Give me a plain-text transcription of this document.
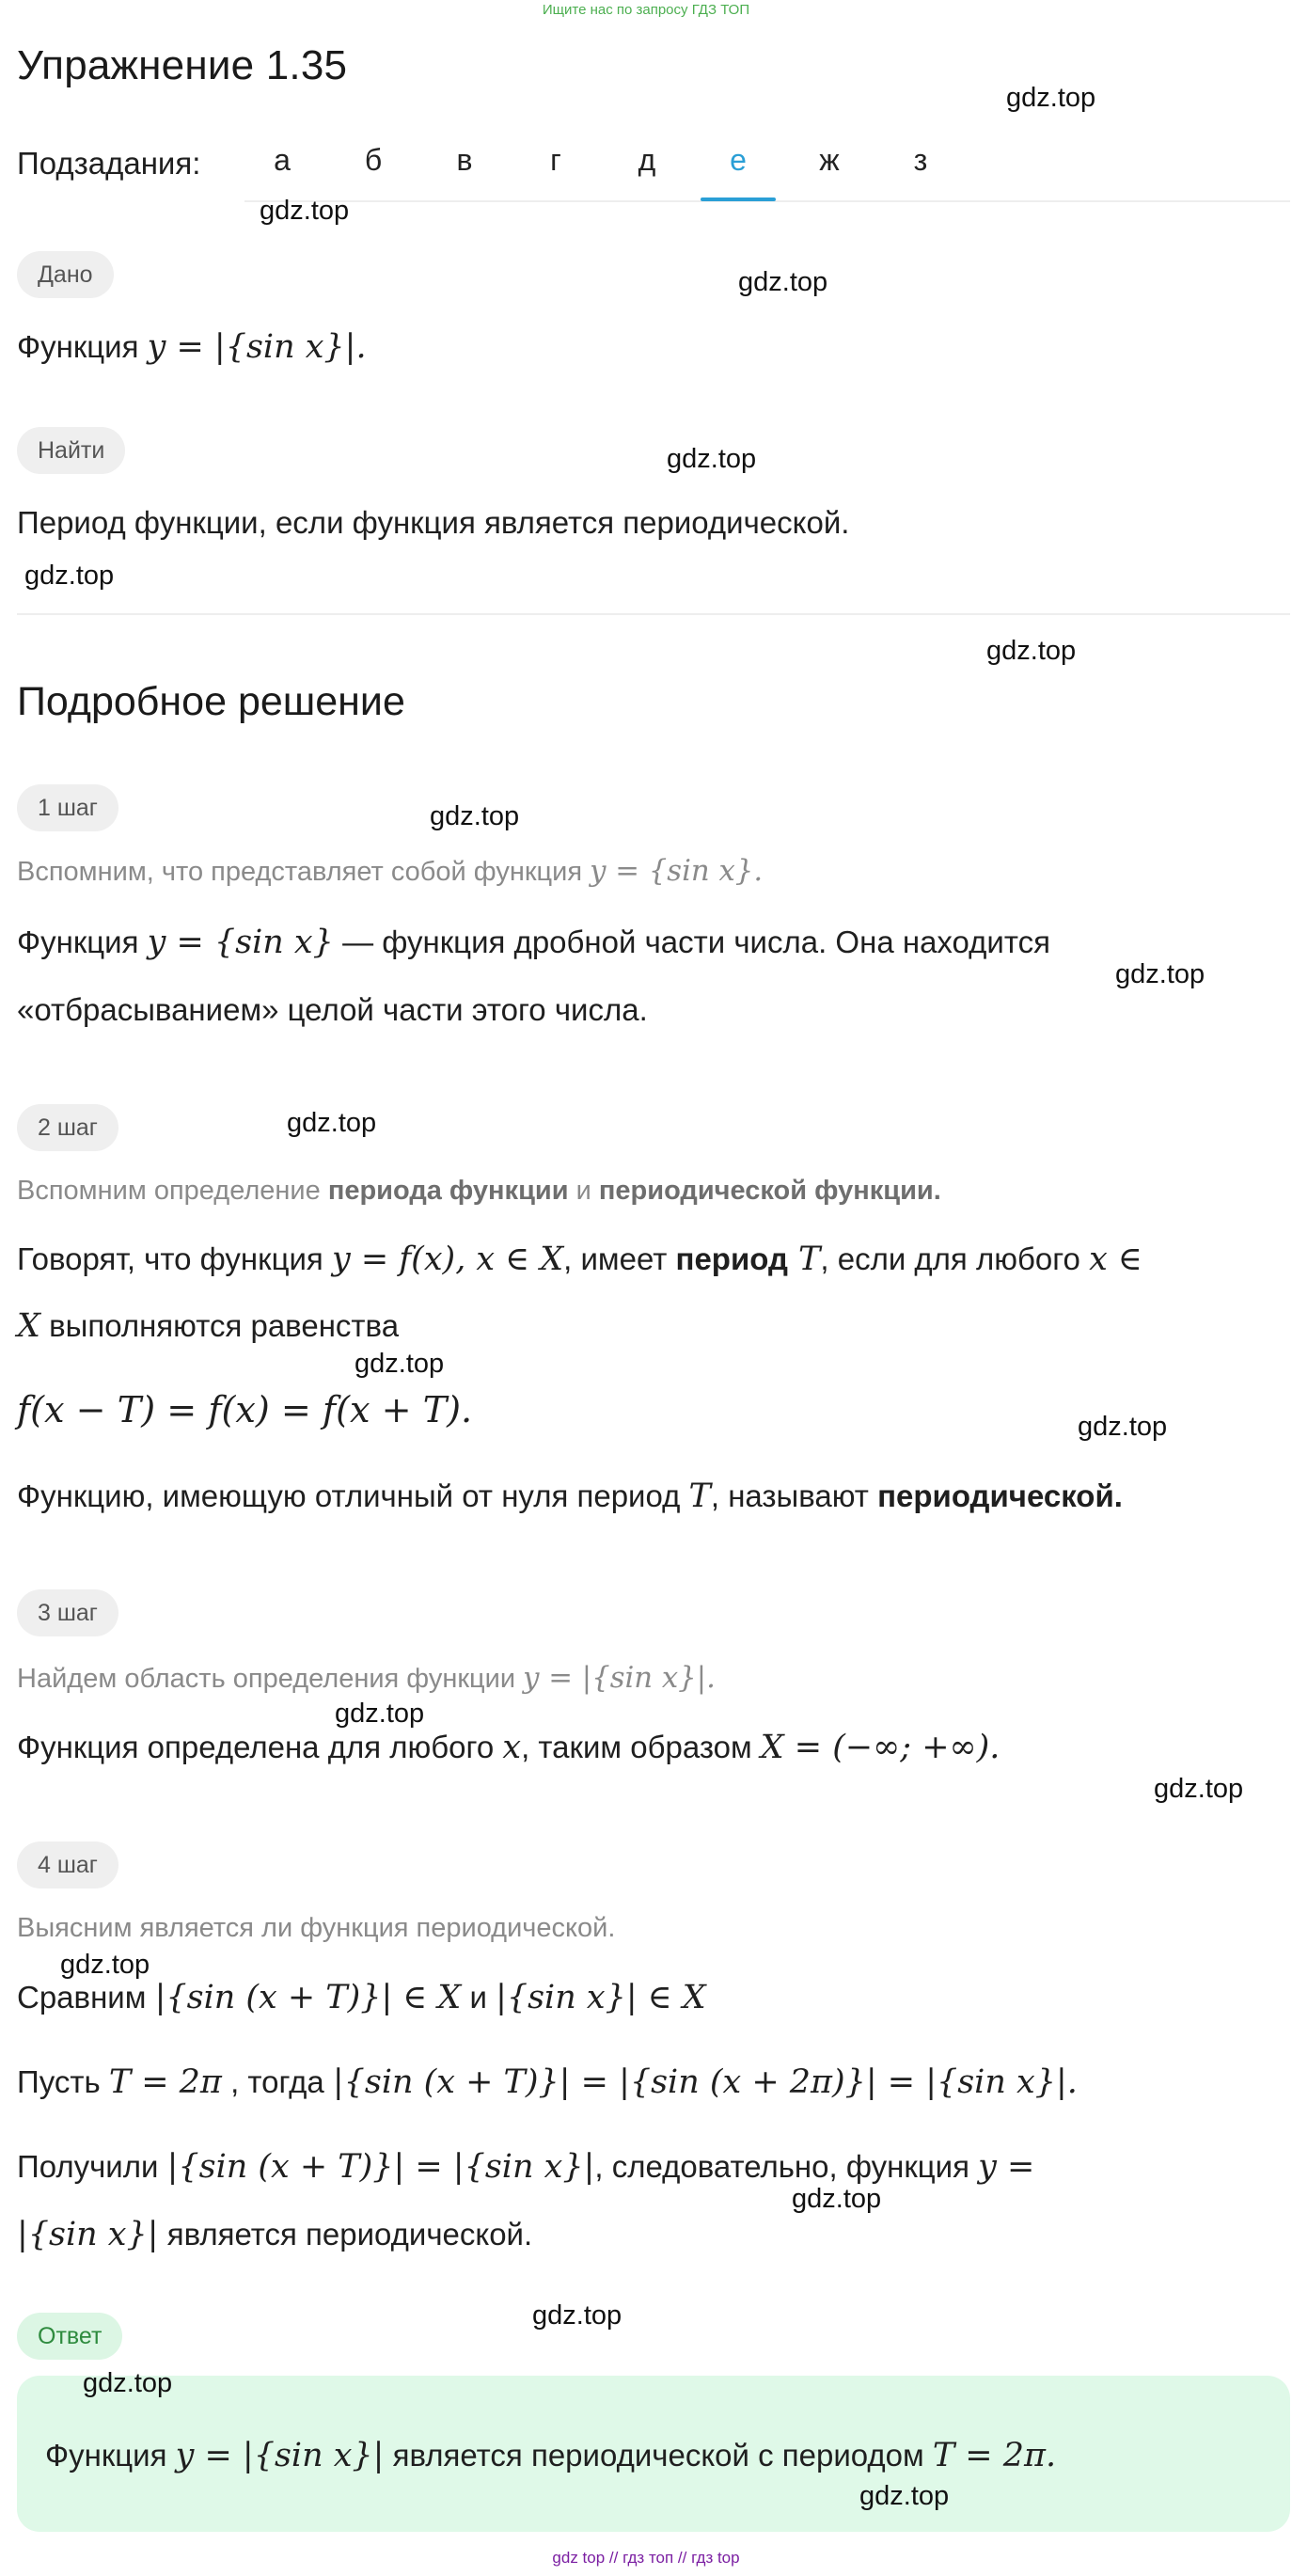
Ищите нас по запросу ГДЗ ТОП
Упражнение 1.35
Подзадания:	а	б	в	г	д	е	ж	з
Дано
Функция y = |{sin x}|.
Найти
Период функции, если функция является периодической.
Подробное решение
1 шаг
Вспомним, что представляет собой функция y = {sin x}.
Функция y = {sin x} — функция дробной части числа. Она находится
«отбрасыванием» целой части этого числа.
2 шаг
Вспомним определение периода функции и периодической функции.
Говорят, что функция y = f(x), x ∈ X, имеет период T, если для любого x ∈
X выполняются равенства
f(x − T) = f(x) = f(x + T).
Функцию, имеющую отличный от нуля период T, называют периодической.
3 шаг
Найдем область определения функции y = |{sin x}|.
Функция определена для любого x, таким образом X = (−∞; +∞).
4 шаг
Выясним является ли функция периодической.
Сравним |{sin (x + T)}| ∈ X и |{sin x}| ∈ X
Пусть T = 2π , тогда |{sin (x + T)}| = |{sin (x + 2π)}| = |{sin x}|.
Получили |{sin (x + T)}| = |{sin x}|, следовательно, функция y =
|{sin x}| является периодической.
Ответ
Функция y = |{sin x}| является периодической с периодом T = 2π.
gdz.top
gdz.top
gdz.top
gdz.top
gdz.top
gdz.top
gdz.top
gdz.top
gdz.top
gdz.top
gdz.top
gdz.top
gdz.top
gdz.top
gdz.top
gdz.top
gdz.top
gdz.top
gdz top // гдз топ // гдз top
